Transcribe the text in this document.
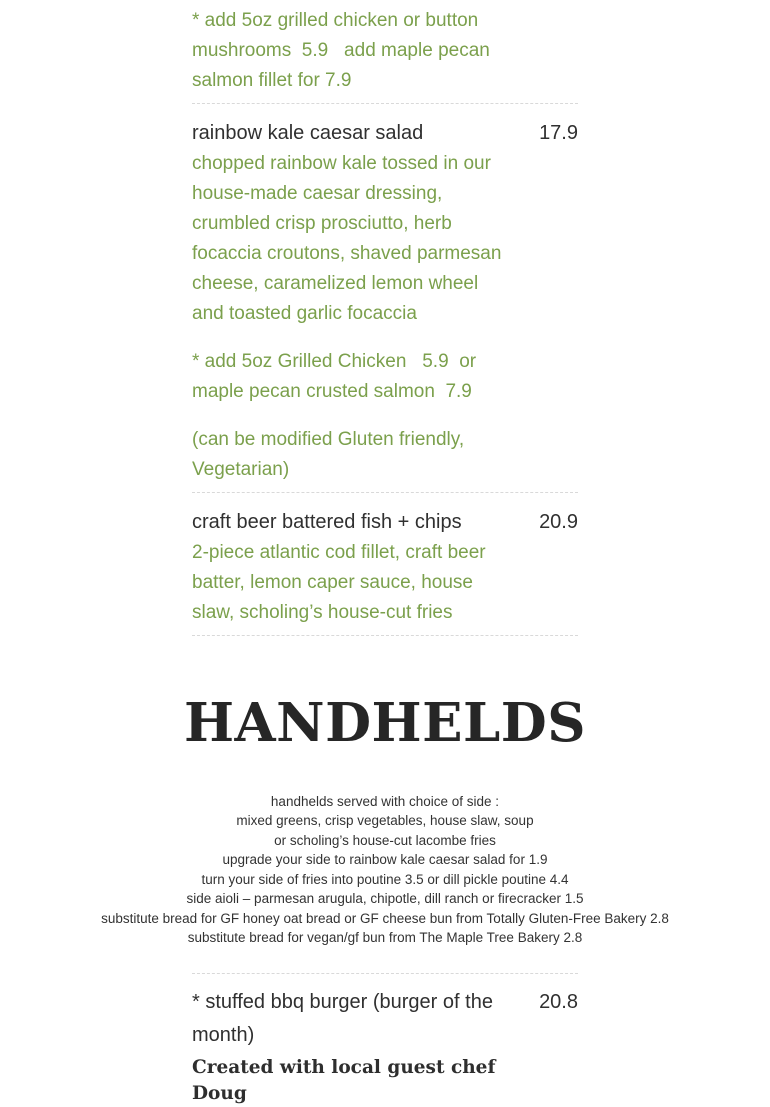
* add 5oz grilled chicken or button mushrooms  5.9   add maple pecan salmon fillet for 7.9
rainbow kale caesar salad	17.9
chopped rainbow kale tossed in our house-made caesar dressing, crumbled crisp prosciutto, herb focaccia croutons, shaved parmesan cheese, caramelized lemon wheel and toasted garlic focaccia
* add 5oz Grilled Chicken   5.9  or maple pecan crusted salmon  7.9
(can be modified Gluten friendly, Vegetarian)
craft beer battered fish + chips	20.9
2-piece atlantic cod fillet, craft beer batter, lemon caper sauce, house slaw, scholing’s house-cut fries
HANDHELDS
handhelds served with choice of side :
mixed greens, crisp vegetables, house slaw, soup
or scholing’s house-cut lacombe fries
upgrade your side to rainbow kale caesar salad for 1.9
turn your side of fries into poutine 3.5 or dill pickle poutine 4.4
side aioli – parmesan arugula, chipotle, dill ranch or firecracker 1.5
substitute bread for GF honey oat bread or GF cheese bun from Totally Gluten-Free Bakery 2.8
substitute bread for vegan/gf bun from The Maple Tree Bakery 2.8
* stuffed bbq burger (burger of the month)
20.8
Created with local guest chef Doug
